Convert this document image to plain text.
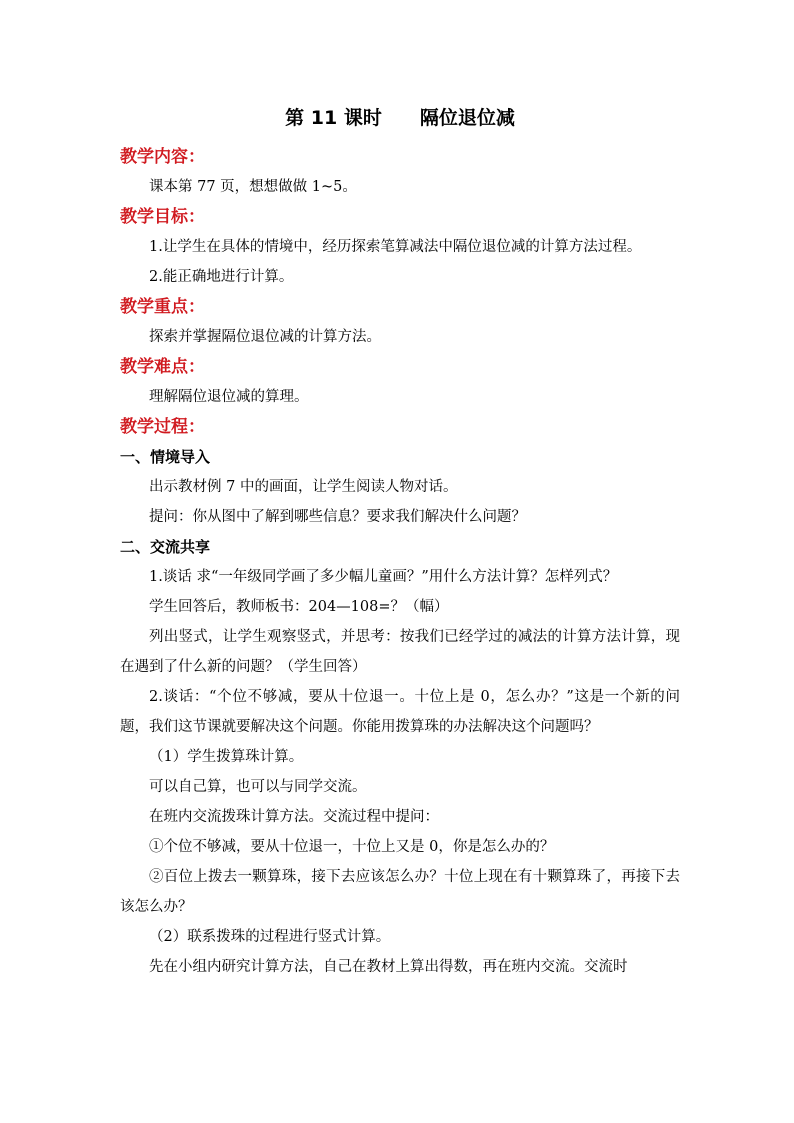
第 11 课时 隔位退位减
教学内容：
课本第 77 页，想想做做 1~5。
教学目标：
1.让学生在具体的情境中，经历探索笔算减法中隔位退位减的计算方法过程。
2.能正确地进行计算。
教学重点：
探索并掌握隔位退位减的计算方法。
教学难点：
理解隔位退位减的算理。
教学过程：
一、情境导入
出示教材例 7 中的画面，让学生阅读人物对话。
提问：你从图中了解到哪些信息？要求我们解决什么问题？
二、交流共享
1.谈话 求“一年级同学画了多少幅儿童画？”用什么方法计算？怎样列式？
学生回答后，教师板书：204—108=？（幅）
列出竖式，让学生观察竖式，并思考：按我们已经学过的减法的计算方法计算，现在遇到了什么新的问题？（学生回答）
2.谈话：“个位不够减，要从十位退一。十位上是 0，怎么办？”这是一个新的问题，我们这节课就要解决这个问题。你能用拨算珠的办法解决这个问题吗？
（1）学生拨算珠计算。
可以自己算，也可以与同学交流。
在班内交流拨珠计算方法。交流过程中提问：
①个位不够减，要从十位退一，十位上又是 0，你是怎么办的？
②百位上拨去一颗算珠，接下去应该怎么办？十位上现在有十颗算珠了，再接下去该怎么办？
（2）联系拨珠的过程进行竖式计算。
先在小组内研究计算方法，自己在教材上算出得数，再在班内交流。交流时
